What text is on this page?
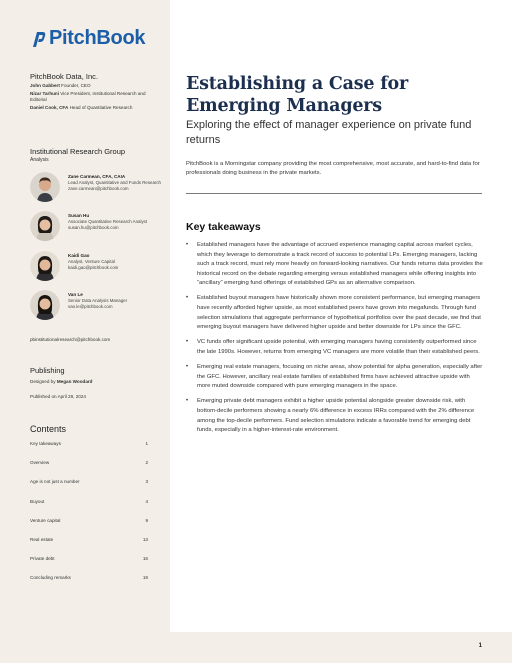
1
PitchBook
PitchBook Data, Inc.
John Gabbert Founder, CEO
Nizar Tarhuni Vice President, Institutional Research and Editorial
Daniel Cook, CFA Head of Quantitative Research
Institutional Research Group
Analysis
Zane Carmean, CFA, CAIA
Lead Analyst, Quantitative and Funds Research
zane.carmean@pitchbook.com
Susan Hu
Associate Quantitative Research Analyst
susan.hu@pitchbook.com
Kaidi Gao
Analyst, Venture Capital
kaidi.gao@pitchbook.com
Van Le
Senior Data Analysis Manager
van.le@pitchbook.com
pbinstitutionalresearch@pitchbook.com
Publishing
Designed by Megan Woodard
Published on April 29, 2024
Contents
Key takeaways	1
Overview	2
Age is not just a number	3
Buyout	4
Venture capital	9
Real estate	13
Private debt	16
Concluding remarks	19
Establishing a Case for Emerging Managers
Exploring the effect of manager experience on private fund returns
PitchBook is a Morningstar company providing the most comprehensive, most accurate, and hard-to-find data for professionals doing business in the private markets.
Key takeaways
• Established managers have the advantage of accrued experience managing capital across market cycles, which they leverage to demonstrate a track record of success to potential LPs. Emerging managers, lacking such a track record, must rely more heavily on forward-looking narratives. Our funds returns data provides the historical record on the debate regarding emerging versus established managers while offering insights into “ancillary” emerging fund offerings of established GPs as an alternative comparison.
• Established buyout managers have historically shown more consistent performance, but emerging managers have recently afforded higher upside, as most established peers have grown into megafunds. Through fund selection simulations that aggregate performance of hypothetical portfolios over the past decade, we find that emerging buyout managers have delivered higher upside and better downside for LPs since the GFC.
• VC funds offer significant upside potential, with emerging managers having consistently outperformed since the late 1990s. However, returns from emerging VC managers are more volatile than their established peers.
• Emerging real estate managers, focusing on niche areas, show potential for alpha generation, especially after the GFC. However, ancillary real estate families of established firms have achieved attractive upside with more muted downside compared with pure emerging managers in the space.
• Emerging private debt managers exhibit a higher upside potential alongside greater downside risk, with bottom-decile performers showing a nearly 6% difference in excess IRRs compared with the 2% difference among the top-decile performers. Fund selection simulations indicate a favorable trend for emerging debt funds, especially in a higher-interest-rate environment.
